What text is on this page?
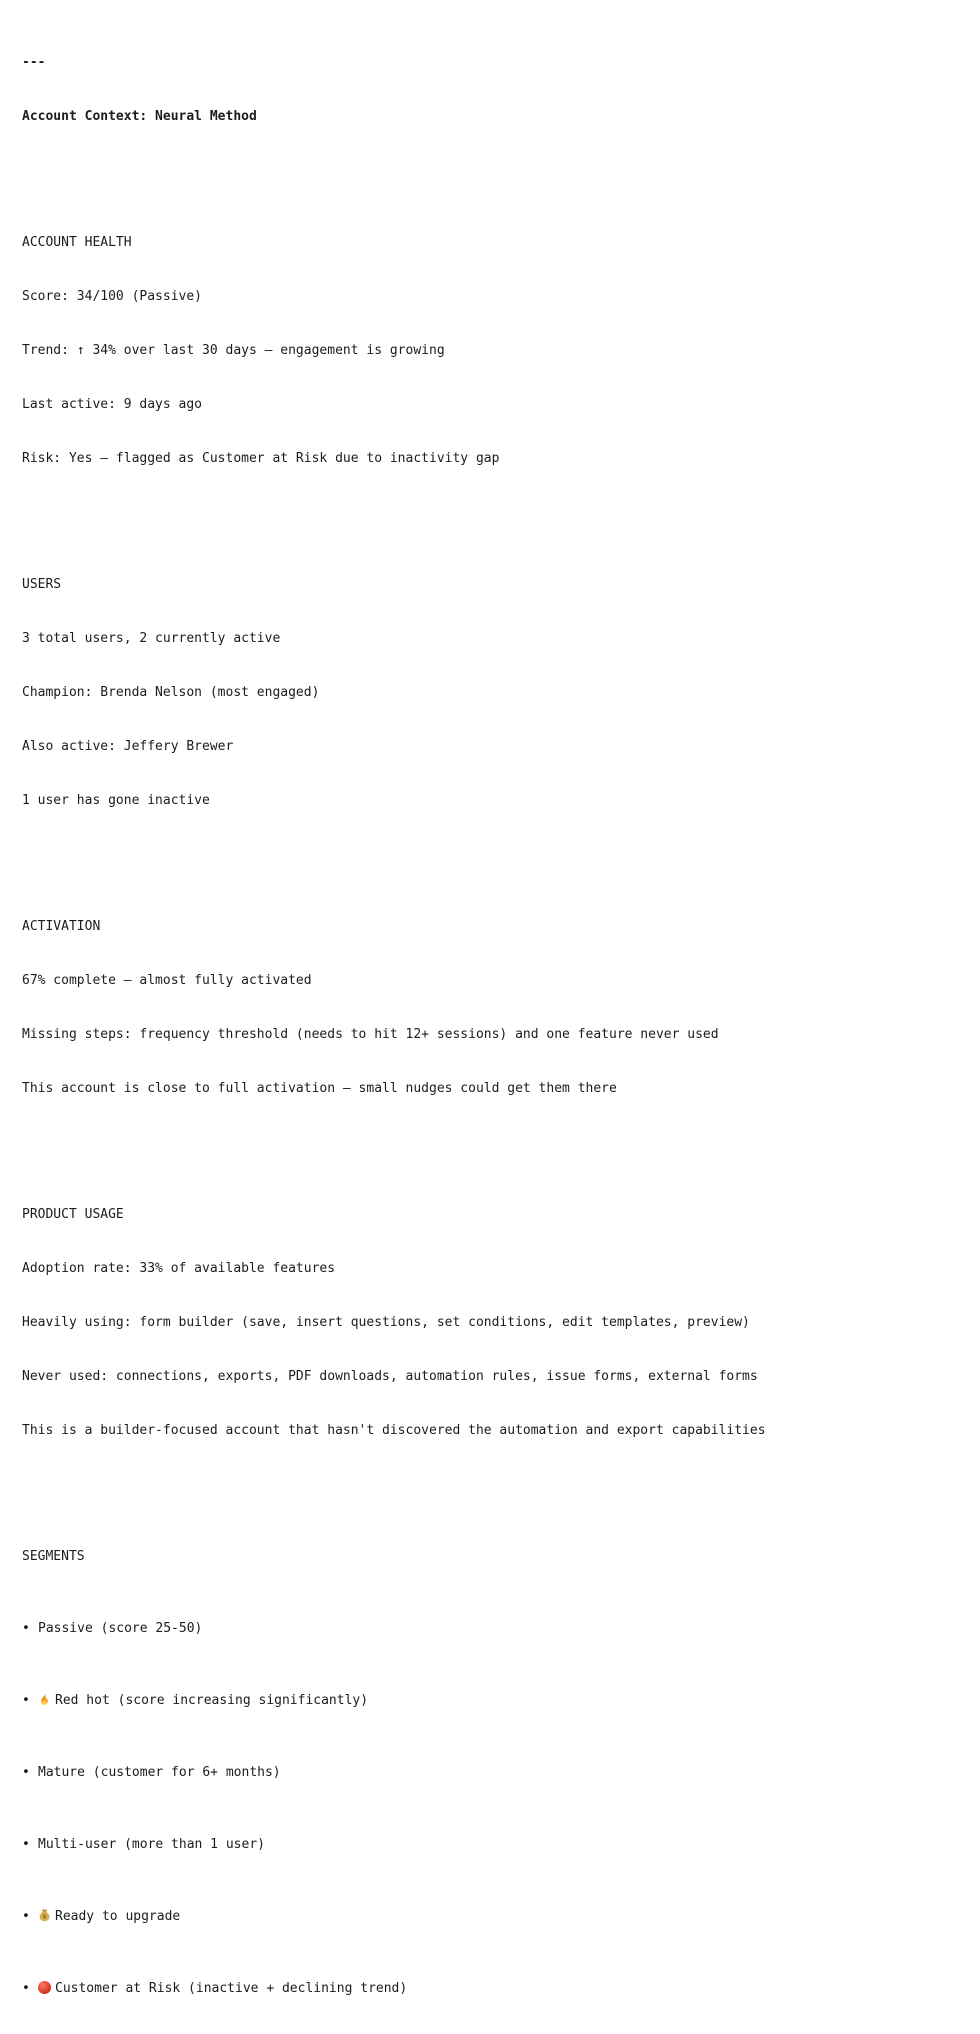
---

Account Context: Neural Method

ACCOUNT HEALTH

Score: 34/100 (Passive)

Trend: ↑ 34% over last 30 days — engagement is growing

Last active: 9 days ago

Risk: Yes — flagged as Customer at Risk due to inactivity gap

USERS

3 total users, 2 currently active

Champion: Brenda Nelson (most engaged)

Also active: Jeffery Brewer

1 user has gone inactive

ACTIVATION

67% complete — almost fully activated

Missing steps: frequency threshold (needs to hit 12+ sessions) and one feature never used

This account is close to full activation — small nudges could get them there

PRODUCT USAGE

Adoption rate: 33% of available features

Heavily using: form builder (save, insert questions, set conditions, edit templates, preview)

Never used: connections, exports, PDF downloads, automation rules, issue forms, external forms

This is a builder-focused account that hasn't discovered the automation and export capabilities

SEGMENTS

• Passive (score 25-50)

• Red hot (score increasing significantly)

• Mature (customer for 6+ months)

• Multi-user (more than 1 user)

• Ready to upgrade

• Customer at Risk (inactive + declining trend)
